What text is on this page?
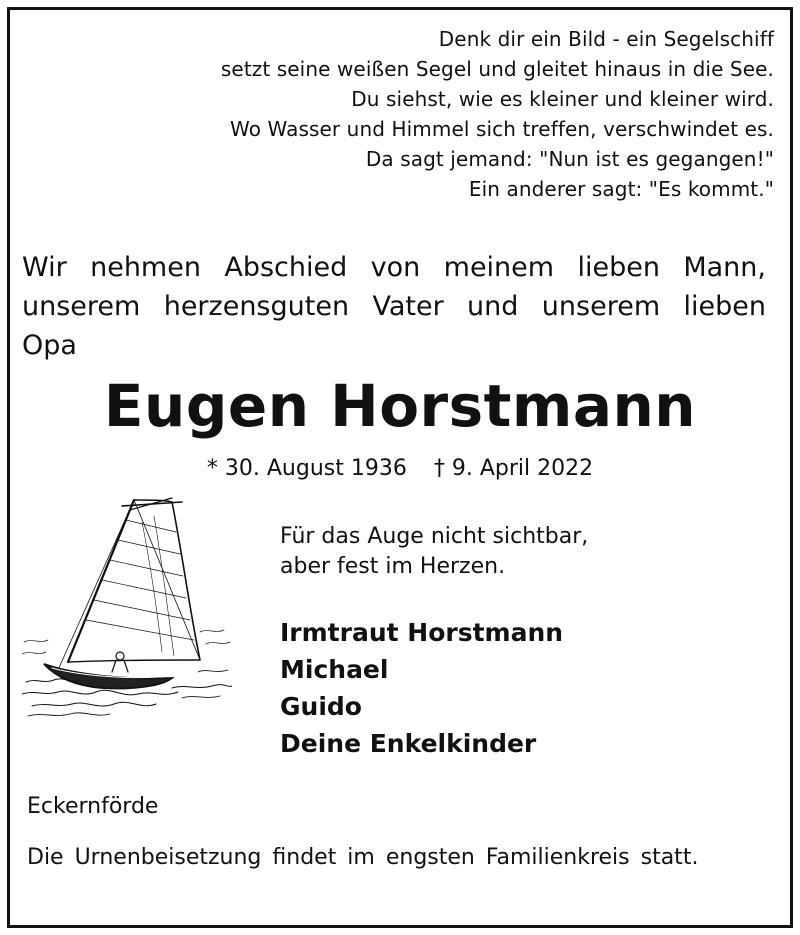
Denk dir ein Bild - ein Segelschiff
setzt seine weißen Segel und gleitet hinaus in die See.
Du siehst, wie es kleiner und kleiner wird.
Wo Wasser und Himmel sich treffen, verschwindet es.
Da sagt jemand: "Nun ist es gegangen!"
Ein anderer sagt: "Es kommt."
Wir nehmen Abschied von meinem lieben Mann, unserem herzensguten Vater und unserem lieben Opa
Eugen Horstmann
* 30. August 1936 † 9. April 2022
Für das Auge nicht sichtbar,
aber fest im Herzen.
Irmtraut Horstmann
Michael
Guido
Deine Enkelkinder
Eckernförde
Die Urnenbeisetzung findet im engsten Familienkreis statt.
